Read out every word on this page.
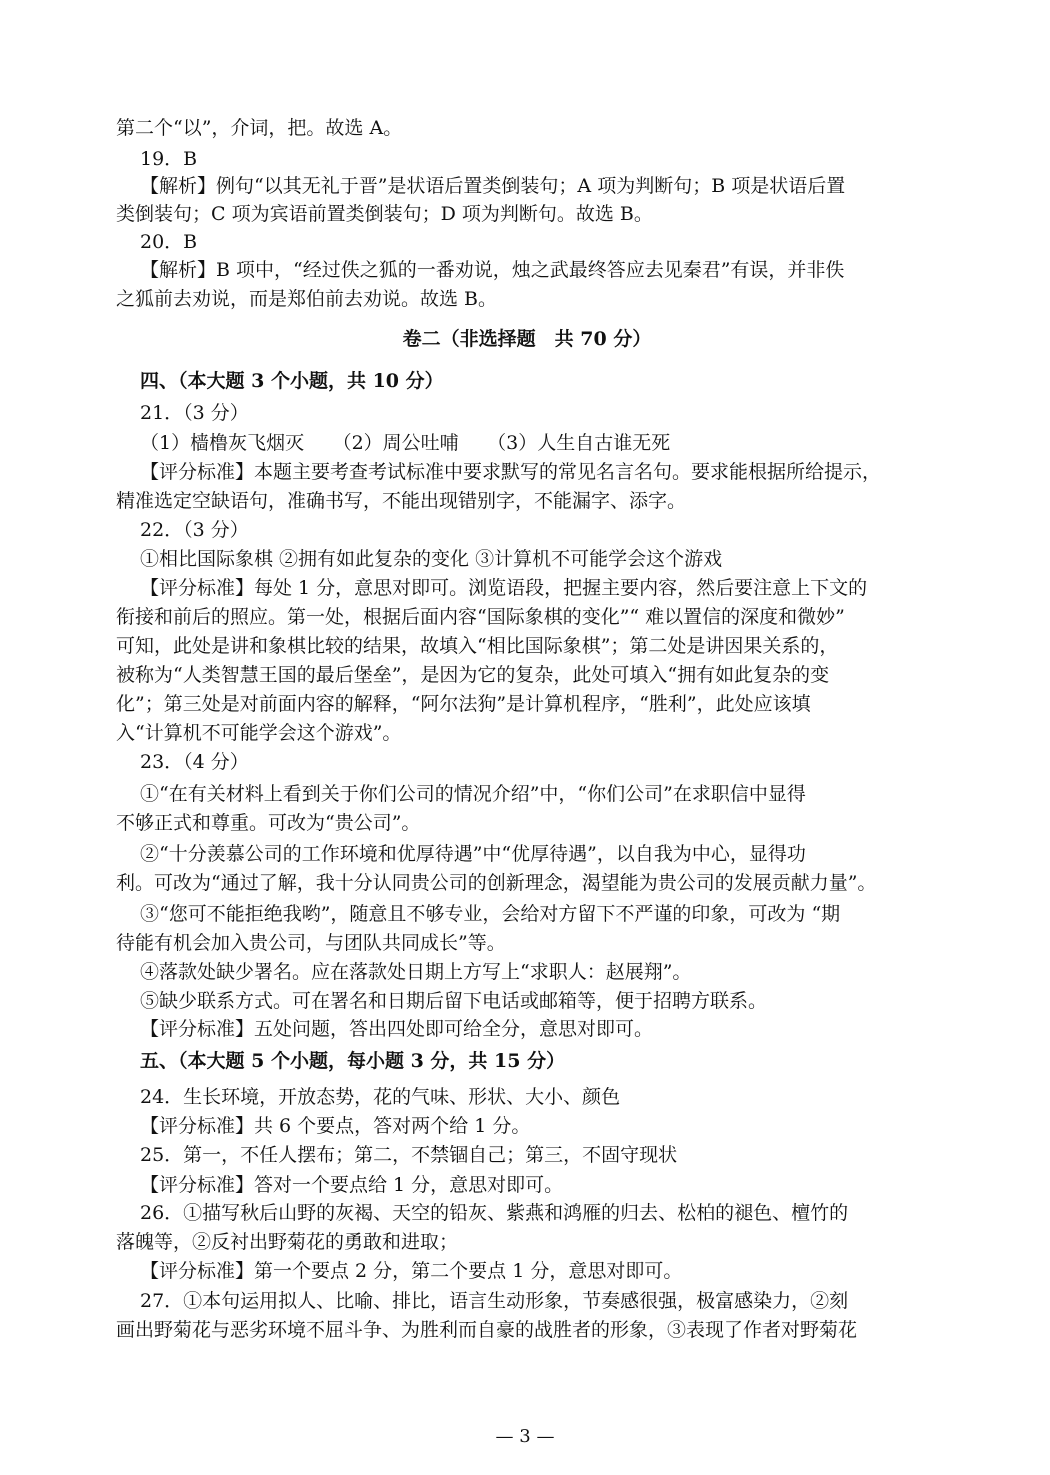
第二个“以”，介词，把。故选 A。
19．B
【解析】例句“以其无礼于晋”是状语后置类倒装句；A 项为判断句；B 项是状语后置
类倒装句；C 项为宾语前置类倒装句；D 项为判断句。故选 B。
20．B
【解析】B 项中，“经过佚之狐的一番劝说，烛之武最终答应去见秦君”有误，并非佚
之狐前去劝说，而是郑伯前去劝说。故选 B。
卷二（非选择题　共 70 分）
四、（本大题 3 个小题，共 10 分）
21．（3 分）
（1）樯橹灰飞烟灭　　（2）周公吐哺　　（3）人生自古谁无死
【评分标准】本题主要考查考试标准中要求默写的常见名言名句。要求能根据所给提示，
精准选定空缺语句，准确书写，不能出现错别字，不能漏字、添字。
22．（3 分）
①相比国际象棋 ②拥有如此复杂的变化 ③计算机不可能学会这个游戏
【评分标准】每处 1 分，意思对即可。浏览语段，把握主要内容，然后要注意上下文的
衔接和前后的照应。第一处，根据后面内容“国际象棋的变化”“ 难以置信的深度和微妙”
可知，此处是讲和象棋比较的结果，故填入“相比国际象棋”；第二处是讲因果关系的，
被称为“人类智慧王国的最后堡垒”，是因为它的复杂，此处可填入“拥有如此复杂的变
化”；第三处是对前面内容的解释，“阿尔法狗”是计算机程序，“胜利”，此处应该填
入“计算机不可能学会这个游戏”。
23．（4 分）
①“在有关材料上看到关于你们公司的情况介绍”中，“你们公司”在求职信中显得
不够正式和尊重。可改为“贵公司”。
②“十分羡慕公司的工作环境和优厚待遇”中“优厚待遇”，以自我为中心，显得功
利。可改为“通过了解，我十分认同贵公司的创新理念，渴望能为贵公司的发展贡献力量”。
③“您可不能拒绝我哟”，随意且不够专业，会给对方留下不严谨的印象，可改为 “期
待能有机会加入贵公司，与团队共同成长”等。
④落款处缺少署名。应在落款处日期上方写上“求职人：赵展翔”。
⑤缺少联系方式。可在署名和日期后留下电话或邮箱等，便于招聘方联系。
【评分标准】五处问题，答出四处即可给全分，意思对即可。
五、（本大题 5 个小题，每小题 3 分，共 15 分）
24．生长环境，开放态势，花的气味、形状、大小、颜色
【评分标准】共 6 个要点，答对两个给 1 分。
25．第一，不任人摆布；第二，不禁锢自己；第三，不固守现状
【评分标准】答对一个要点给 1 分，意思对即可。
26．①描写秋后山野的灰褐、天空的铅灰、紫燕和鸿雁的归去、松柏的褪色、檀竹的
落魄等，②反衬出野菊花的勇敢和进取；
【评分标准】第一个要点 2 分，第二个要点 1 分，意思对即可。
27．①本句运用拟人、比喻、排比，语言生动形象，节奏感很强，极富感染力，②刻
画出野菊花与恶劣环境不屈斗争、为胜利而自豪的战胜者的形象，③表现了作者对野菊花
— 3 —
